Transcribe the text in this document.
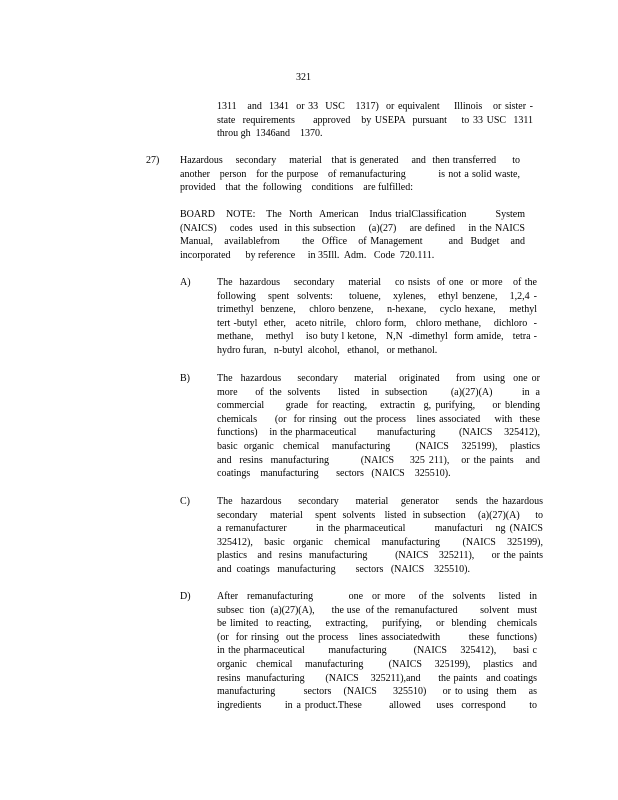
321
1311   and  1341  or 33  USC   1317)  or equivalent    Illinois   or sister -
state  requirements     approved   by USEPA  pursuant    to 33 USC  1311
throu gh  1346and    1370.
27) Hazardous    secondary    material   that is generated    and  then transferred     to
another   person   for the purpose   of remanufacturing          is not a solid waste,
provided    that  the  following    conditions    are fulfilled:
BOARD   NOTE:   The  North  American   Indus trialClassification        System
(NAICS)    codes  used  in this subsection    (a)(27)    are defined    in the NAICS
Manual,   availablefrom      the  Office   of Management       and  Budget   and
incorporated      by reference     in 35Ill.  Adm.   Code  720.111.
A)	The  hazardous    secondary    material    co nsists  of one  or more   of the
following   spent  solvents:    toluene,   xylenes,   ethyl benzene,   1,2,4 -
trimethyl  benzene,    chloro benzene,    n-hexane,    cyclo hexane,    methyl
tert -butyl  ether,   aceto nitrile,   chloro form,   chloro methane,    dichloro  -
methane,    methyl    iso buty l ketone,   N,N  -dimethyl  form amide,   tetra -
hydro furan,   n-butyl  alcohol,   ethanol,   or methanol.
B)	The  hazardous    secondary    material   originated    from  using  one or
more   of the solvents   listed  in subsection    (a)(27)(A)     in a
commercial     grade  for reacting,   extractin  g, purifying,    or blending
chemicals     (or  for rinsing  out the process   lines associated    with  these
functions)    in the pharmaceutical       manufacturing        (NAICS    325412),
basic  organic   chemical    manufacturing        (NAICS    325199),    plastics
and  resins  manufacturing        (NAICS    325 211),   or the paints   and
coatings    manufacturing       sectors   (NAICS    325510).
C)	The  hazardous    secondary    material   generator    sends  the hazardous
secondary    material    spent  solvents   listed  in subsection    (a)(27)(A)     to
a remanufacturer       in the pharmaceutical       manufacturi   ng (NAICS
325412),    basic   organic    chemical    manufacturing        (NAICS    325199),
plastics   and  resins  manufacturing        (NAICS   325211),     or the paints
and  coatings   manufacturing        sectors   (NAICS    325510).
D)	After  remanufacturing        one  or more   of the  solvents   listed  in
subsec  tion  (a)(27)(A),      the use  of the  remanufactured        solvent   must
be limited  to reacting,    extracting,    purifying,    or  blending   chemicals
(or  for rinsing  out the process   lines associatedwith        these  functions)
in the pharmaceutical       manufacturing        (NAICS    325412),     basi c
organic   chemical    manufacturing        (NAICS    325199),    plastics   and
resins  manufacturing       (NAICS    325211),and      the paints   and coatings
manufacturing       sectors   (NAICS    325510)    or to using  them   as
ingredients      in a product.These       allowed    uses  correspond      to
